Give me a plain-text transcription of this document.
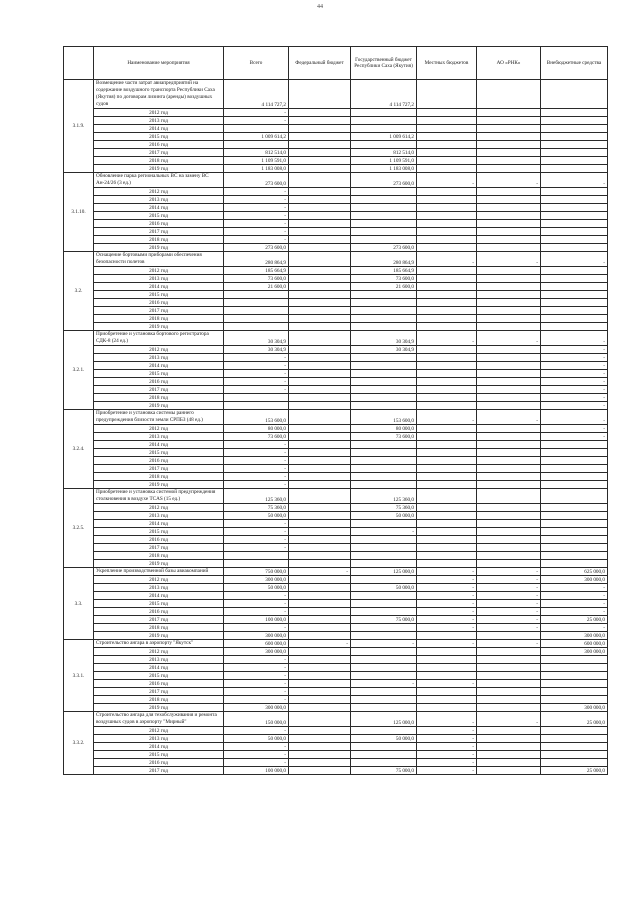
44
	Наименование мероприятия	Всего	Федеральный бюджет	Государственный бюджет Республики Саха (Якутия)	Местных бюджетов	АО «РНК»	Внебюджетные средства
3.1.9.	Возмещение части затрат авиапредприятий на содержание воздушного транспорта Республики Саха (Якутия) по договорам лизинга (аренды) воздушных судов	4 114 727,2		4 114 727,2			
	2012 год	-					
	2013 год	-					
	2014 год						
	2015 год	1 009 614,2		1 009 614,2			
	2016 год						
	2017 год	812 514,0		812 514,0			
	2018 год	1 109 591,0		1 109 591,0			
	2019 год	1 183 008,0		1 183 008,0			
3.1.10.	Обновление парка региональных ВС на замену ВС Ан-24/26 (3 ед.)	273 600,0		273 600,0	-	-	-
	2012 год	-					
	2013 год	-					
	2014 год	-					
	2015 год	-					
	2016 год	-					
	2017 год	-					
	2018 год	-					
	2019 год	273 600,0		273 600,0			
3.2.	Оснащение бортовыми приборами обеспечения безопасности полетов	280 864,9		280 864,9	-	-	-
	2012 год	185 664,9		185 664,9			
	2013 год	73 600,0		73 600,0			
	2014 год	21 600,0		21 600,0			
	2015 год						
	2016 год						
	2017 год						
	2018 год						
	2019 год						
3.2.1.	Приобретение и установка бортового регистратора СДК-8 (24 ед.)	30 304,9		30 304,9	-	-	-
	2012 год	30 304,9		30 304,9			-
	2013 год	-					-
	2014 год	-					-
	2015 год	-					-
	2016 год	-					-
	2017 год	-					-
	2018 год						-
	2019 год						-
3.2.4.	Приобретение и установка системы раннего предупреждения близости земли СРПБЗ (48 ед.)	153 600,0		153 600,0	-	-	-
	2012 год	80 000,0		80 000,0			-
	2013 год	73 600,0		73 600,0			-
	2014 год	-					
	2015 год	-					
	2016 год	-					
	2017 год	-					
	2018 год	-					
	2019 год	-					
3.2.5.	Приобретение и установка системой предупреждения столкновения в воздухе TCAS (15 ед.)	125 360,0		125 360,0			
	2012 год	75 360,0		75 360,0			
	2013 год	50 000,0		50 000,0			
	2014 год	-					
	2015 год	-		-			
	2016 год	-					
	2017 год	-					
	2018 год						
	2019 год						
3.3.	Укрепление производственной базы авиакомпаний	750 000,0	-	125 000,0	-	-	625 000,0
	2012 год	300 000,0			-	-	300 000,0
	2013 год	50 000,0		50 000,0	-	-	-
	2014 год	-			-	-	-
	2015 год	-			-	-	-
	2016 год	-			-	-	-
	2017 год	100 000,0		75 000,0	-	-	25 000,0
	2018 год	-			-	-	-
	2019 год	300 000,0					300 000,0
3.3.1.	Строительство ангара в аэропорту "Якутск"	600 000,0	-	-	-	-	600 000,0
	2012 год	300 000,0					300 000,0
	2013 год	-					
	2014 год	-					
	2015 год	-					
	2016 год	-		-	-		
	2017 год	-					
	2018 год	-					
	2019 год	300 000,0					300 000,0
3.3.2.	Строительство ангара для техобслуживания и ремонта воздушных судов в аэропорту "Мирный"	150 000,0		125 000,0	-	-	25 000,0
	2012 год	-			-		
	2013 год	50 000,0		50 000,0	-		
	2014 год	-			-		
	2015 год	-			-		
	2016 год	-			-		
	2017 год	100 000,0		75 000,0	-		25 000,0
